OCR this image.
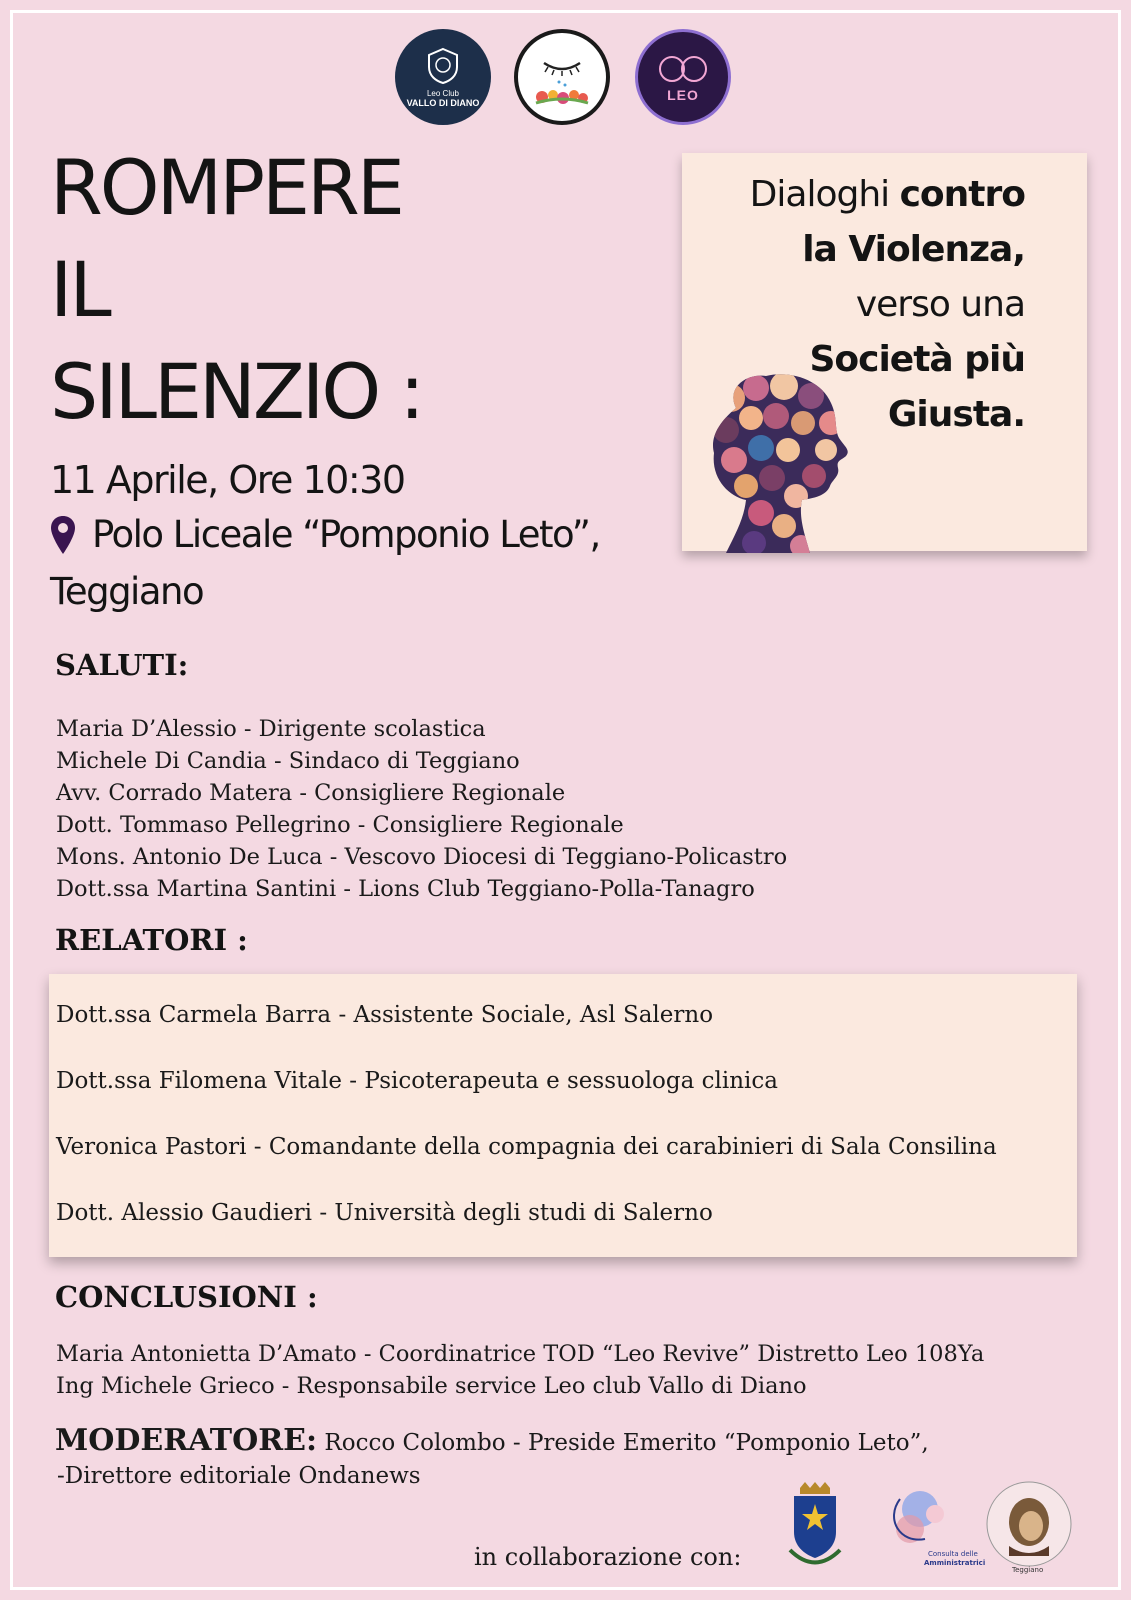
Leo Club
VALLO DI DIANO	LEO
ROMPERE
IL
SILENZIO :
11 Aprile, Ore 10:30
Polo Liceale “Pomponio Leto”,
Teggiano
Dialoghi contro
la Violenza,
verso una
Società più
Giusta.
SALUTI:
Maria D’Alessio - Dirigente scolastica
Michele Di Candia - Sindaco di Teggiano
Avv. Corrado Matera - Consigliere Regionale
Dott. Tommaso Pellegrino - Consigliere Regionale
Mons. Antonio De Luca - Vescovo Diocesi di Teggiano-Policastro
Dott.ssa Martina Santini - Lions Club Teggiano-Polla-Tanagro
RELATORI :
Dott.ssa Carmela Barra - Assistente Sociale, Asl Salerno
Dott.ssa Filomena Vitale - Psicoterapeuta e sessuologa clinica
Veronica Pastori - Comandante della compagnia dei carabinieri di Sala Consilina
Dott. Alessio Gaudieri - Università degli studi di Salerno
CONCLUSIONI :
Maria Antonietta D’Amato - Coordinatrice TOD “Leo Revive” Distretto Leo 108Ya
Ing Michele Grieco - Responsabile service Leo club Vallo di Diano
MODERATORE: Rocco Colombo - Preside Emerito “Pomponio Leto”,
-Direttore editoriale Ondanews
in collaborazione con:	Consulta delle
Amministratrici
Teggiano
